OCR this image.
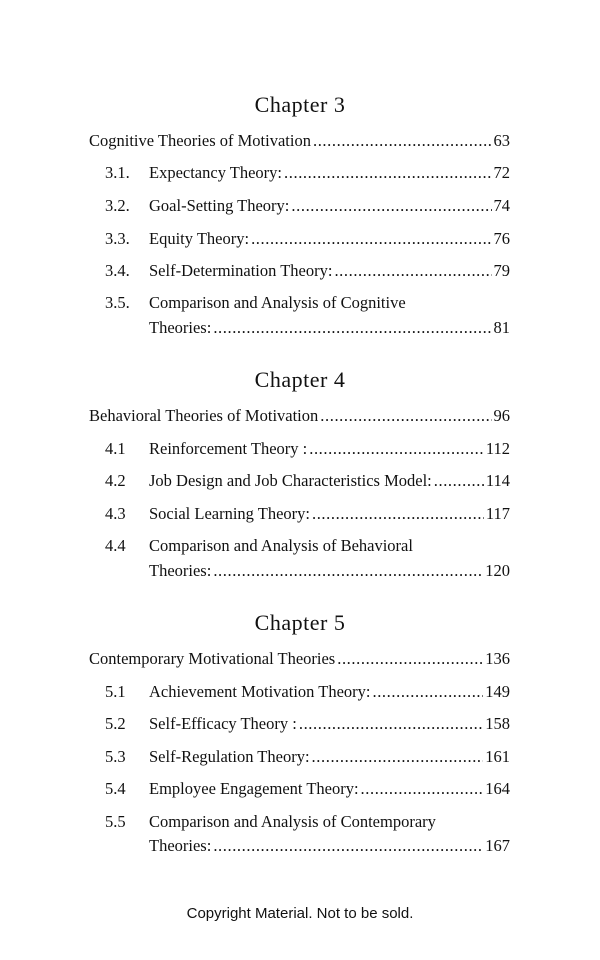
Chapter 3
Cognitive Theories of Motivation .....	63
3.1.	Expectancy Theory: .....	72
3.2.	Goal-Setting Theory: .....	74
3.3.	Equity Theory: .....	76
3.4.	Self-Determination Theory: .....	79
3.5. Comparison and Analysis of Cognitive
Theories: .....	81
Chapter 4
Behavioral Theories of Motivation .....	96
4.1	Reinforcement Theory : .....	112
4.2	Job Design and Job Characteristics Model: .....	114
4.3	Social Learning Theory: .....	117
4.4 Comparison and Analysis of Behavioral
Theories: .....	120
Chapter 5
Contemporary Motivational Theories .....	136
5.1	Achievement Motivation Theory: .....	149
5.2	Self-Efficacy Theory : .....	158
5.3	Self-Regulation Theory: .....	161
5.4	Employee Engagement Theory: .....	164
5.5 Comparison and Analysis of Contemporary
Theories: .....	167
Copyright Material. Not to be sold.
